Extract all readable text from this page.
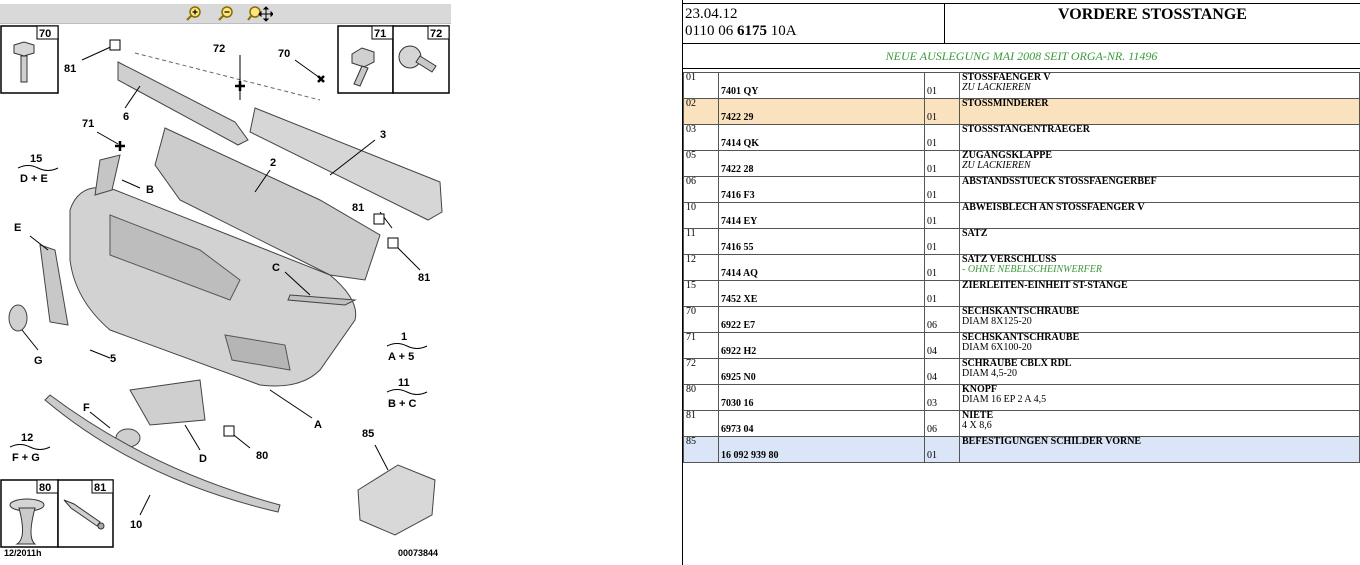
70	71	72
80	81
81
6
72	70
3
71
2
B
81
81
E
C
G	5
A
F
D	80
85
10
15
D + E
1
A + 5
11
B + C
12
F + G
12/2011h	00073844
23.04.12
0110 06 6175 10A
VORDERE STOSSTANGE
NEUE AUSLEGUNG MAI 2008 SEIT ORGA-NR. 11496
01	7401 QY	01	STOSSFAENGER V
ZU LACKIEREN

02	7422 29	01	STOSSMINDERER

03	7414 QK	01	STOSSSTANGENTRAEGER

05	7422 28	01	ZUGANGSKLAPPE
ZU LACKIEREN

06	7416 F3	01	ABSTANDSSTUECK STOSSFAENGERBEF

10	7414 EY	01	ABWEISBLECH AN STOSSFAENGER V

11	7416 55	01	SATZ

12	7414 AQ	01	SATZ VERSCHLUSS
- OHNE NEBELSCHEINWERFER

15	7452 XE	01	ZIERLEITEN-EINHEIT ST-STANGE

70	6922 E7	06	SECHSKANTSCHRAUBE
DIAM 8X125-20

71	6922 H2	04	SECHSKANTSCHRAUBE
DIAM 6X100-20

72	6925 N0	04	SCHRAUBE CBLX RDL
DIAM 4,5-20

80	7030 16	03	KNOPF
DIAM 16 EP 2 A 4,5

81	6973 04	06	NIETE
4 X 8,6

85	16 092 939 80	01	BEFESTIGUNGEN SCHILDER VORNE
